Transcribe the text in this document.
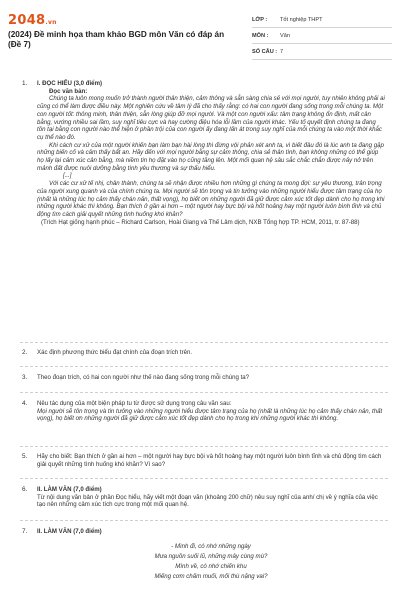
2048.vn
(2024) Đề minh họa tham khảo BGD môn Văn có đáp án (Đề 7)
LỚP :	Tốt nghiệp THPT
MÔN :	Văn
SỐ CÂU : 7
1. I. ĐỌC HIỂU (3,0 điểm)
Đọc văn bản:
Chúng ta luôn mong muốn trở thành người thân thiện, cảm thông và sẵn sàng chia sẻ với mọi người, tuy nhiên không phải ai cũng có thể làm được điều này. Một nghiên cứu về tâm lý đã cho thấy rằng: có hai con người đang sống trong mỗi chúng ta. Một con người tốt: thông minh, thân thiện, sẵn lòng giúp đỡ mọi người. Và một con người xấu: tâm trạng không ổn định, mất cân bằng, vướng nhiều sai lầm, suy nghĩ tiêu cực và hay cường điệu hóa lỗi lầm của người khác. Yếu tố quyết định chúng ta đang tồn tại bằng con người nào thể hiện ở phần trội của con người ấy đang lấn át trong suy nghĩ của mỗi chúng ta vào một thời khắc cụ thể nào đó.
Khi cách cư xử của một người khiến bạn làm bạn hài lòng thì đừng vội phản xét anh ta, vì biết đâu đó là lúc anh ta đang gặp những biến cố và cảm thấy bất an. Hãy đến với mọi người bằng sự cảm thông, chia sẻ thân tình, bạn không những có thể giúp họ lấy lại cảm xúc cân bằng, mà niềm tin họ đặt vào họ cũng tăng lên. Một mối quan hệ sâu sắc chắc chắn được nảy nở trên mảnh đất được nuôi dưỡng bằng tình yêu thương và sự thấu hiểu.
[...]
Với các cư xử tế nhị, chân thành, chúng ta sẽ nhận được nhiều hơn những gì chúng ta mong đợi: sự yêu thương, trân trọng của người xung quanh và của chính chúng ta. Mọi người sẽ tôn trọng và tin tưởng vào những người hiểu được tâm trạng của họ (nhất là những lúc họ cảm thấy chán nản, thất vọng), họ biết ơn những người đã giữ được cảm xúc tốt đẹp dành cho họ trong khi những người khác thì không. Bạn thích ở gần ai hơn – một người hay bực bội và hốt hoảng hay một người luôn bình tĩnh và chủ động tìm cách giải quyết những tình huống khó khăn?
(Trích Hạt giống hạnh phúc – Richard Carlson, Hoài Giang và Thế Lâm dịch, NXB Tổng hợp TP. HCM, 2011, tr. 87-88)
2. Xác định phương thức biểu đạt chính của đoạn trích trên.
3. Theo đoạn trích, có hai con người như thế nào đang sống trong mỗi chúng ta?
4. Nêu tác dụng của một biện pháp tu từ được sử dụng trong câu văn sau:
Mọi người sẽ tôn trọng và tin tưởng vào những người hiểu được tâm trạng của họ (nhất là những lúc họ cảm thấy chán nản, thất vọng), họ biết ơn những người đã giữ được cảm xúc tốt đẹp dành cho họ trong khi những người khác thì không.
5. Hãy cho biết: Bạn thích ở gần ai hơn – một người hay bực bội và hốt hoảng hay một người luôn bình tĩnh và chủ động tìm cách giải quyết những tình huống khó khăn? Vì sao?
6. II. LÀM VĂN (7,0 điểm)
Từ nội dung văn bản ở phần Đọc hiểu, hãy viết một đoạn văn (khoảng 200 chữ) nêu suy nghĩ của anh/ chị về ý nghĩa của việc tạo nên những cảm xúc tích cực trong một mối quan hệ.
7. II. LÀM VĂN (7,0 điểm)
- Mình đi, có nhớ những ngày
Mưa nguồn suối lũ, những mây cùng mù?
Mình về, có nhớ chiến khu
Miếng cơm chấm muối, mối thù nặng vai?
